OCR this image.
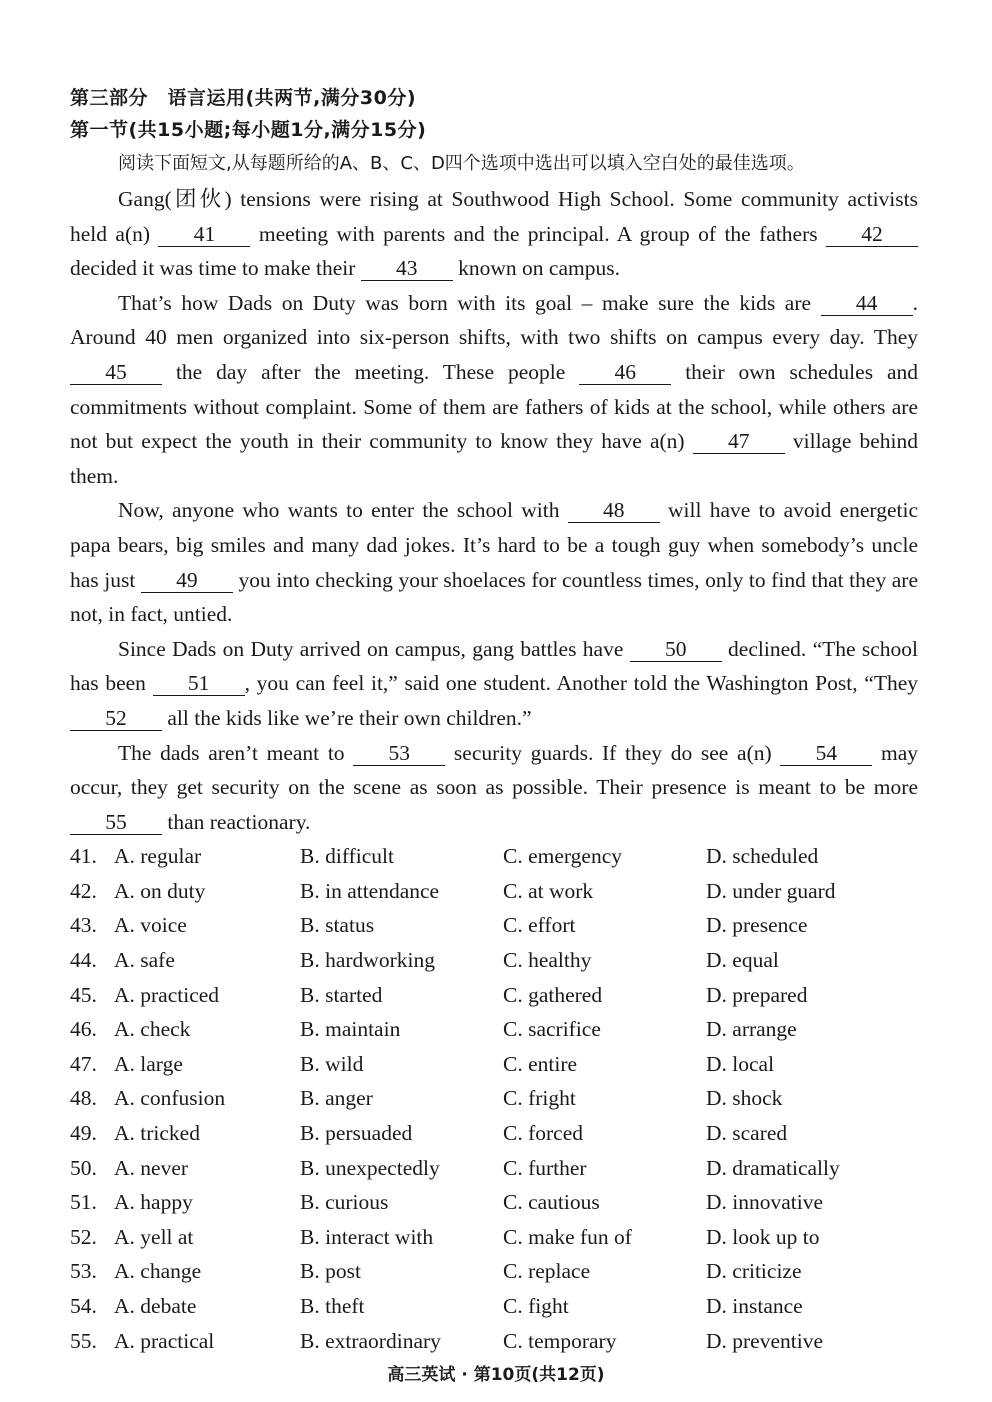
第三部分　语言运用(共两节,满分30分)
第一节(共15小题;每小题1分,满分15分)
阅读下面短文,从每题所给的A、B、C、D四个选项中选出可以填入空白处的最佳选项。

Gang(团伙) tensions were rising at Southwood High School. Some community activists held a(n) 41 meeting with parents and the principal. A group of the fathers 42 decided it was time to make their 43 known on campus.

That’s how Dads on Duty was born with its goal – make sure the kids are 44 . Around 40 men organized into six-person shifts, with two shifts on campus every day. They 45 the day after the meeting. These people 46 their own schedules and commitments without complaint. Some of them are fathers of kids at the school, while others are not but expect the youth in their community to know they have a(n) 47 village behind them.

Now, anyone who wants to enter the school with 48 will have to avoid energetic papa bears, big smiles and many dad jokes. It’s hard to be a tough guy when somebody’s uncle has just 49 you into checking your shoelaces for countless times, only to find that they are not, in fact, untied.

Since Dads on Duty arrived on campus, gang battles have 50 declined. “The school has been 51 , you can feel it,” said one student. Another told the Washington Post, “They 52 all the kids like we’re their own children.”

The dads aren’t meant to 53 security guards. If they do see a(n) 54 may occur, they get security on the scene as soon as possible. Their presence is meant to be more 55 than reactionary.

41. A. regular	B. difficult	C. emergency	D. scheduled
42. A. on duty	B. in attendance	C. at work	D. under guard
43. A. voice	B. status	C. effort	D. presence
44. A. safe	B. hardworking	C. healthy	D. equal
45. A. practiced	B. started	C. gathered	D. prepared
46. A. check	B. maintain	C. sacrifice	D. arrange
47. A. large	B. wild	C. entire	D. local
48. A. confusion	B. anger	C. fright	D. shock
49. A. tricked	B. persuaded	C. forced	D. scared
50. A. never	B. unexpectedly	C. further	D. dramatically
51. A. happy	B. curious	C. cautious	D. innovative
52. A. yell at	B. interact with	C. make fun of	D. look up to
53. A. change	B. post	C. replace	D. criticize
54. A. debate	B. theft	C. fight	D. instance
55. A. practical	B. extraordinary	C. temporary	D. preventive
高三英试 · 第10页(共12页)
